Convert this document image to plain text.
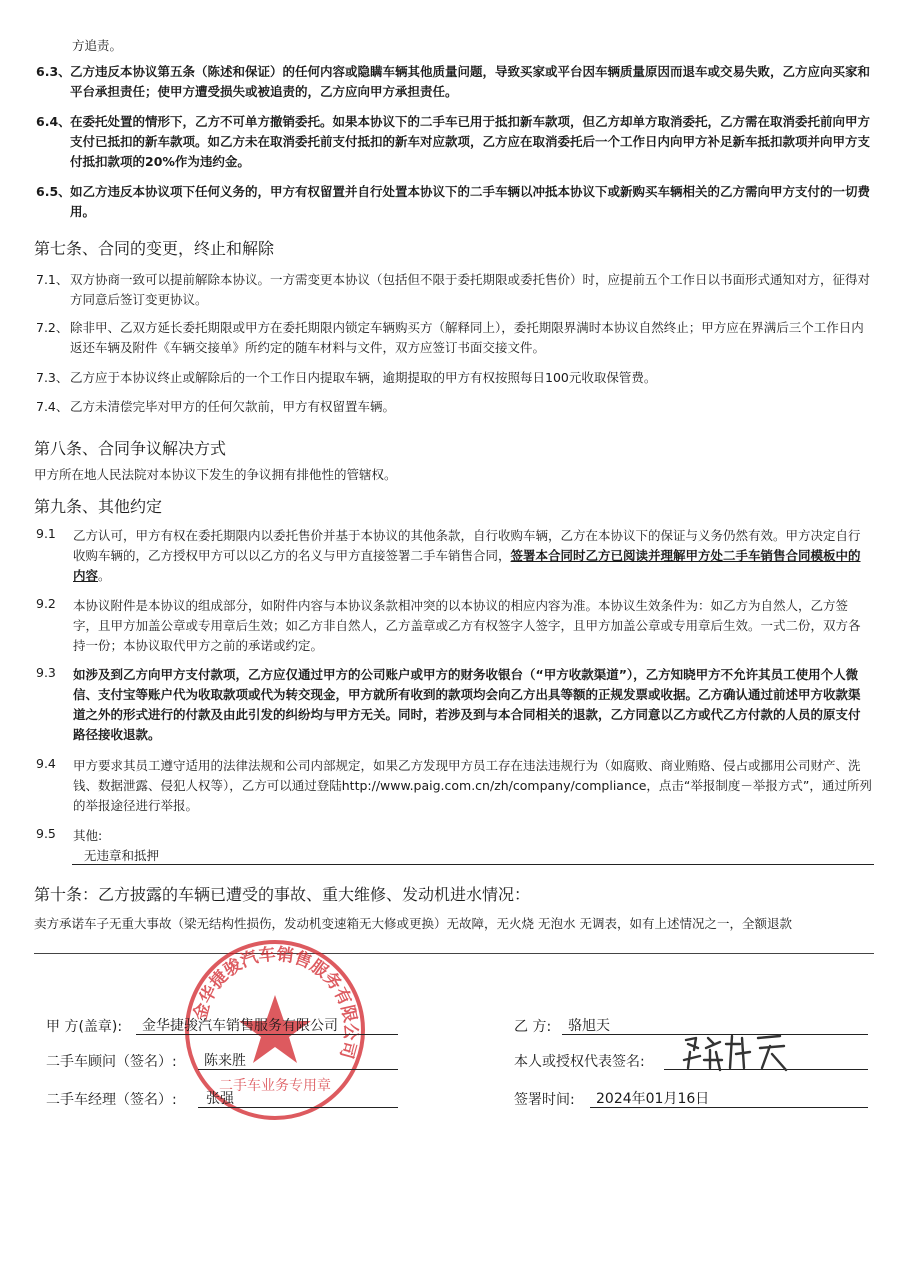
方追责。
6.3、 乙方违反本协议第五条（陈述和保证）的任何内容或隐瞒车辆其他质量问题，导致买家或平台因车辆质量原因而退车或交易失败，乙方应向买家和平台承担责任；使甲方遭受损失或被追责的，乙方应向甲方承担责任。
6.4、 在委托处置的情形下，乙方不可单方撤销委托。如果本协议下的二手车已用于抵扣新车款项，但乙方却单方取消委托，乙方需在取消委托前向甲方支付已抵扣的新车款项。如乙方未在取消委托前支付抵扣的新车对应款项，乙方应在取消委托后一个工作日内向甲方补足新车抵扣款项并向甲方支付抵扣款项的20%作为违约金。
6.5、 如乙方违反本协议项下任何义务的，甲方有权留置并自行处置本协议下的二手车辆以冲抵本协议下或新购买车辆相关的乙方需向甲方支付的一切费用。
第七条、合同的变更，终止和解除
7.1、 双方协商一致可以提前解除本协议。一方需变更本协议（包括但不限于委托期限或委托售价）时，应提前五个工作日以书面形式通知对方，征得对方同意后签订变更协议。
7.2、 除非甲、乙双方延长委托期限或甲方在委托期限内锁定车辆购买方（解释同上），委托期限界满时本协议自然终止；甲方应在界满后三个工作日内返还车辆及附件《车辆交接单》所约定的随车材料与文件，双方应签订书面交接文件。
7.3、 乙方应于本协议终止或解除后的一个工作日内提取车辆，逾期提取的甲方有权按照每日100元收取保管费。
7.4、 乙方未清偿完毕对甲方的任何欠款前，甲方有权留置车辆。
第八条、合同争议解决方式
甲方所在地人民法院对本协议下发生的争议拥有排他性的管辖权。
第九条、其他约定
9.1	乙方认可，甲方有权在委托期限内以委托售价并基于本协议的其他条款，自行收购车辆，乙方在本协议下的保证与义务仍然有效。甲方决定自行收购车辆的，乙方授权甲方可以以乙方的名义与甲方直接签署二手车销售合同，签署本合同时乙方已阅读并理解甲方处二手车销售合同模板中的内容。
9.2	本协议附件是本协议的组成部分，如附件内容与本协议条款相冲突的以本协议的相应内容为准。本协议生效条件为：如乙方为自然人，乙方签字，且甲方加盖公章或专用章后生效；如乙方非自然人，乙方盖章或乙方有权签字人签字，且甲方加盖公章或专用章后生效。一式二份，双方各持一份；本协议取代甲方之前的承诺或约定。
9.3	如涉及到乙方向甲方支付款项，乙方应仅通过甲方的公司账户或甲方的财务收银台（“甲方收款渠道”），乙方知晓甲方不允许其员工使用个人微信、支付宝等账户代为收取款项或代为转交现金，甲方就所有收到的款项均会向乙方出具等额的正规发票或收据。乙方确认通过前述甲方收款渠道之外的形式进行的付款及由此引发的纠纷均与甲方无关。同时，若涉及到与本合同相关的退款，乙方同意以乙方或代乙方付款的人员的原支付路径接收退款。
9.4	甲方要求其员工遵守适用的法律法规和公司内部规定，如果乙方发现甲方员工存在违法违规行为（如腐败、商业贿赂、侵占或挪用公司财产、洗钱、数据泄露、侵犯人权等），乙方可以通过登陆http://www.paig.com.cn/zh/company/compliance，点击“举报制度－举报方式”，通过所列的举报途径进行举报。
9.5	其他:
无违章和抵押
第十条：乙方披露的车辆已遭受的事故、重大维修、发动机进水情况：
卖方承诺车子无重大事故（梁无结构性损伤，发动机变速箱无大修或更换）无故障，无火烧 无泡水 无调表，如有上述情况之一，全额退款
金华捷骏汽车销售服务有限公司
二手车业务专用章
甲 方(盖章): 金华捷骏汽车销售服务有限公司
二手车顾问（签名）: 陈来胜
二手车经理（签名）: 张强
乙 方: 骆旭天
本人或授权代表签名:
签署时间: 2024年01月16日
